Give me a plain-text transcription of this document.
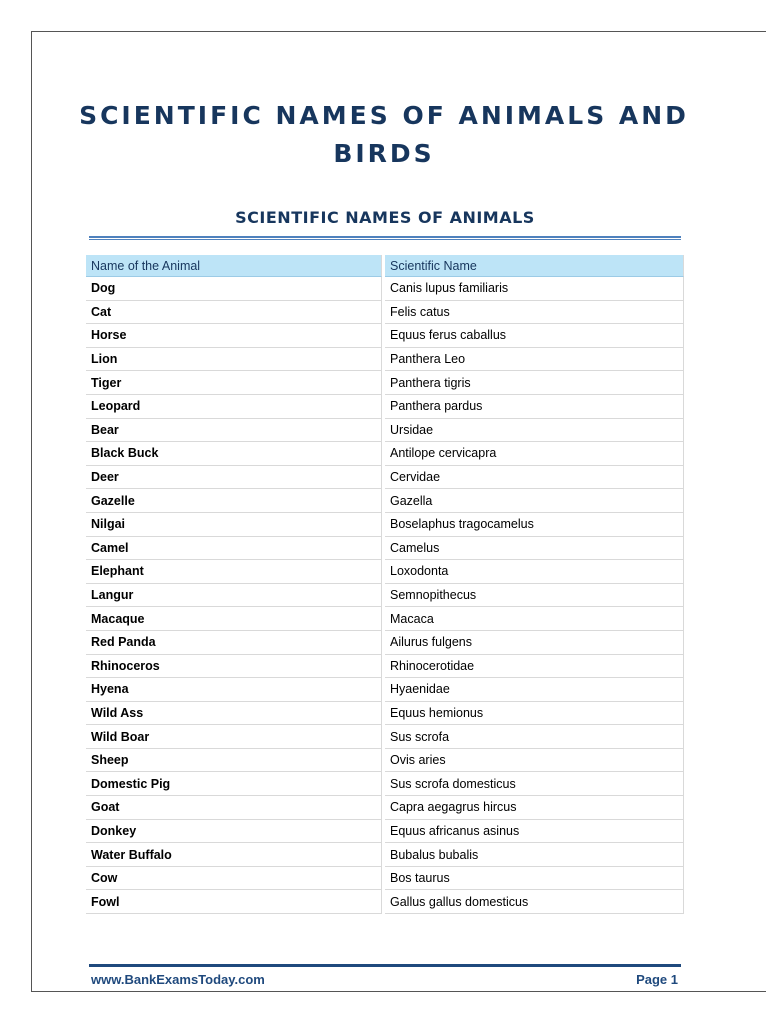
SCIENTIFIC NAMES OF ANIMALS AND BIRDS
SCIENTIFIC NAMES OF ANIMALS
Name of the Animal	Scientific Name
Dog	Canis lupus familiaris
Cat	Felis catus
Horse	Equus ferus caballus
Lion	Panthera Leo
Tiger	Panthera tigris
Leopard	Panthera pardus
Bear	Ursidae
Black Buck	Antilope cervicapra
Deer	Cervidae
Gazelle	Gazella
Nilgai	Boselaphus tragocamelus
Camel	Camelus
Elephant	Loxodonta
Langur	Semnopithecus
Macaque	Macaca
Red Panda	Ailurus fulgens
Rhinoceros	Rhinocerotidae
Hyena	Hyaenidae
Wild Ass	Equus hemionus
Wild Boar	Sus scrofa
Sheep	Ovis aries
Domestic Pig	Sus scrofa domesticus
Goat	Capra aegagrus hircus
Donkey	Equus africanus asinus
Water Buffalo	Bubalus bubalis
Cow	Bos taurus
Fowl	Gallus gallus domesticus
www.BankExamsToday.com	Page 1
